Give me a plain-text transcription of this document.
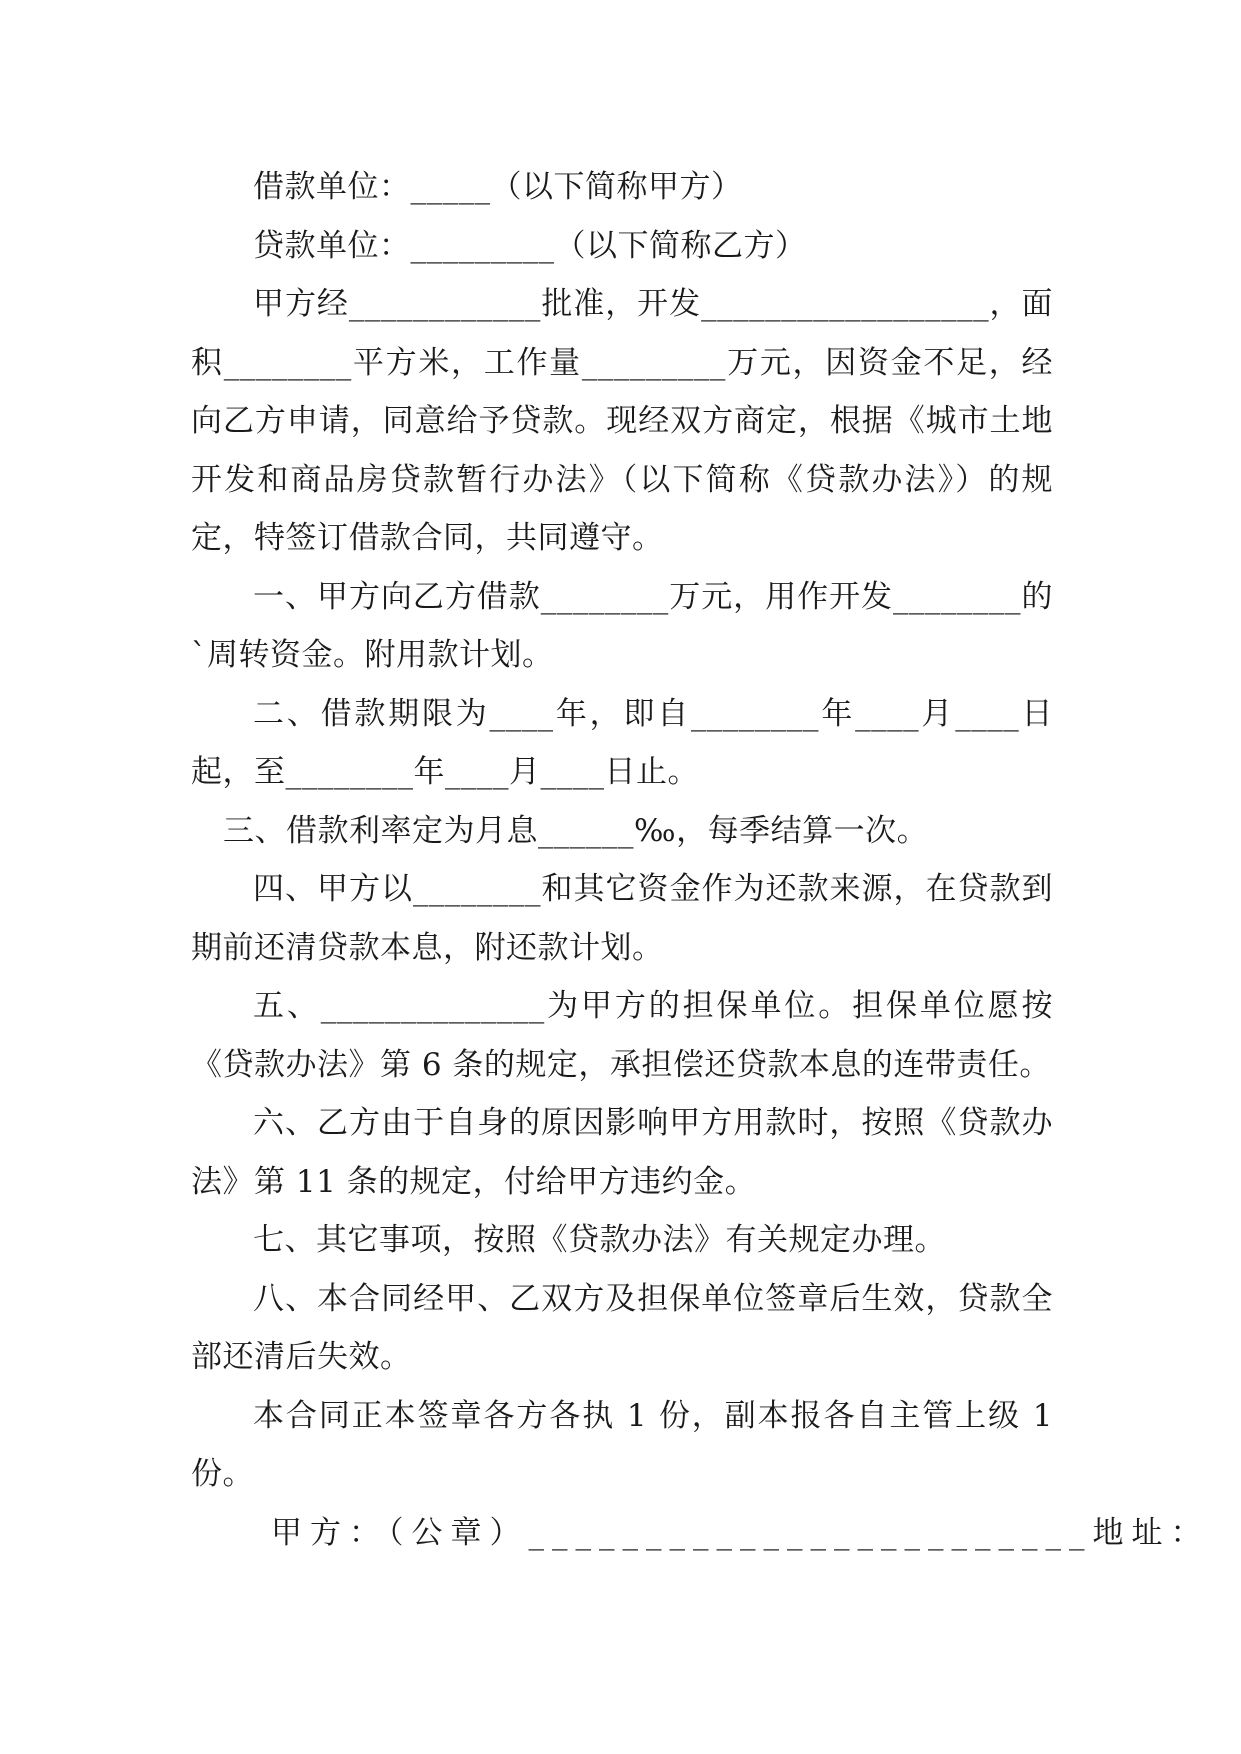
借款单位：_____（以下简称甲方）

贷款单位：_________（以下简称乙方）

甲方经____________批准，开发__________________，面积________平方米，工作量_________万元，因资金不足，经向乙方申请，同意给予贷款。现经双方商定，根据《城市土地开发和商品房贷款暂行办法》（以下简称《贷款办法》）的规定，特签订借款合同，共同遵守。

一、甲方向乙方借款________万元，用作开发________的`周转资金。附用款计划。

二、借款期限为____年，即自________年____月____日起，至________年____月____日止。

三、借款利率定为月息______‰，每季结算一次。

四、甲方以________和其它资金作为还款来源，在贷款到期前还清贷款本息，附还款计划。

五、______________为甲方的担保单位。担保单位愿按《贷款办法》第 6 条的规定，承担偿还贷款本息的连带责任。

六、乙方由于自身的原因影响甲方用款时，按照《贷款办法》第 11 条的规定，付给甲方违约金。

七、其它事项，按照《贷款办法》有关规定办理。

八、本合同经甲、乙双方及担保单位签章后生效，贷款全部还清后失效。

本合同正本签章各方各执 1 份，副本报各自主管上级 1 份。

甲方：（公章）________________________地址：
